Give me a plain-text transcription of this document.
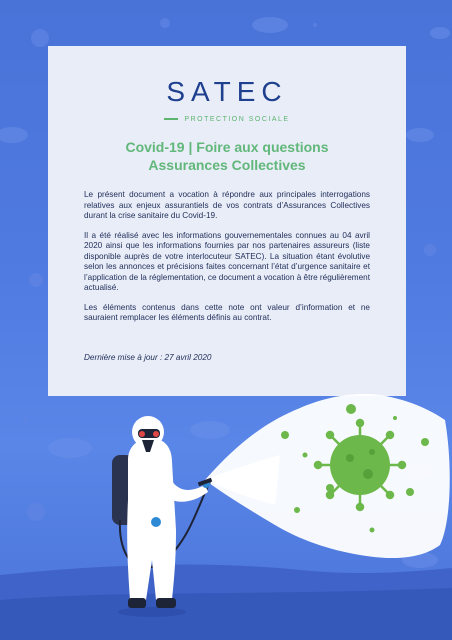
SATEC
PROTECTION SOCIALE
Covid-19 | Foire aux questions
Assurances Collectives

Le présent document a vocation à répondre aux principales interrogations relatives aux enjeux assurantiels de vos contrats d’Assurances Collectives durant la crise sanitaire du Covid-19.

Il a été réalisé avec les informations gouvernementales connues au 04 avril 2020 ainsi que les informations fournies par nos partenaires assureurs (liste disponible auprès de votre interlocuteur SATEC). La situation étant évolutive selon les annonces et précisions faites concernant l’état d’urgence sanitaire et l’application de la réglementation, ce document a vocation à être régulièrement actualisé.

Les éléments contenus dans cette note ont valeur d’information et ne sauraient remplacer les éléments définis au contrat.

Dernière mise à jour : 27 avril 2020
